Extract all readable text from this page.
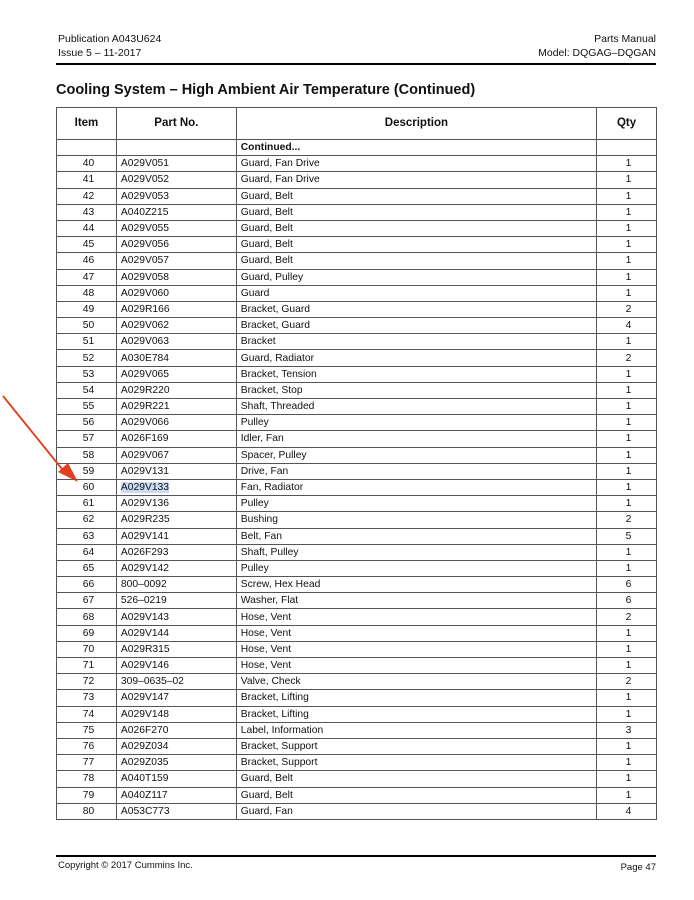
Publication A043U624
Issue 5 – 11-2017
Parts Manual
Model: DQGAG–DQGAN
Cooling System – High Ambient Air Temperature (Continued)
Item	Part No.	Description	Qty
		Continued...	
40	A029V051	Guard, Fan Drive	1
41	A029V052	Guard, Fan Drive	1
42	A029V053	Guard, Belt	1
43	A040Z215	Guard, Belt	1
44	A029V055	Guard, Belt	1
45	A029V056	Guard, Belt	1
46	A029V057	Guard, Belt	1
47	A029V058	Guard, Pulley	1
48	A029V060	Guard	1
49	A029R166	Bracket, Guard	2
50	A029V062	Bracket, Guard	4
51	A029V063	Bracket	1
52	A030E784	Guard, Radiator	2
53	A029V065	Bracket, Tension	1
54	A029R220	Bracket, Stop	1
55	A029R221	Shaft, Threaded	1
56	A029V066	Pulley	1
57	A026F169	Idler, Fan	1
58	A029V067	Spacer, Pulley	1
59	A029V131	Drive, Fan	1
60	A029V133	Fan, Radiator	1
61	A029V136	Pulley	1
62	A029R235	Bushing	2
63	A029V141	Belt, Fan	5
64	A026F293	Shaft, Pulley	1
65	A029V142	Pulley	1
66	800–0092	Screw, Hex Head	6
67	526–0219	Washer, Flat	6
68	A029V143	Hose, Vent	2
69	A029V144	Hose, Vent	1
70	A029R315	Hose, Vent	1
71	A029V146	Hose, Vent	1
72	309–0635–02	Valve, Check	2
73	A029V147	Bracket, Lifting	1
74	A029V148	Bracket, Lifting	1
75	A026F270	Label, Information	3
76	A029Z034	Bracket, Support	1
77	A029Z035	Bracket, Support	1
78	A040T159	Guard, Belt	1
79	A040Z117	Guard, Belt	1
80	A053C773	Guard, Fan	4
Copyright © 2017 Cummins Inc.	Page 47
